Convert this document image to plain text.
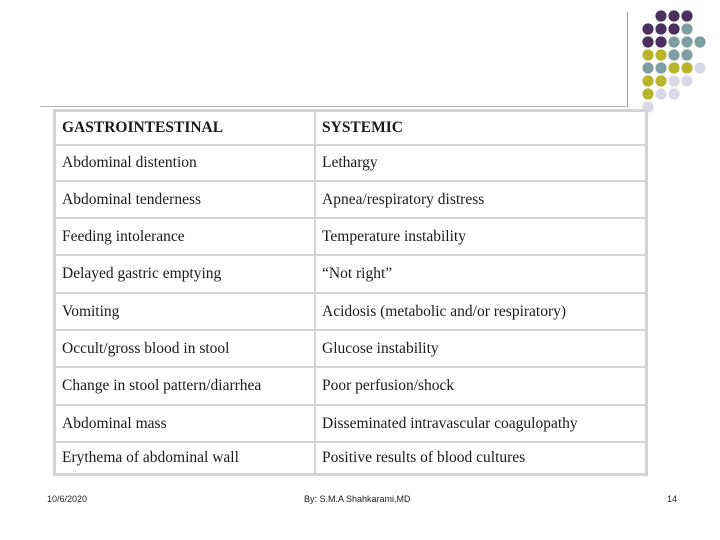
GASTROINTESTINAL	SYSTEMIC
Abdominal distention	Lethargy
Abdominal tenderness	Apnea/respiratory distress
Feeding intolerance	Temperature instability
Delayed gastric emptying	“Not right”
Vomiting	Acidosis (metabolic and/or respiratory)
Occult/gross blood in stool	Glucose instability
Change in stool pattern/diarrhea	Poor perfusion/shock
Abdominal mass	Disseminated intravascular coagulopathy
Erythema of abdominal wall	Positive results of blood cultures
10/6/2020	By: S.M.A Shahkarami,MD	14
